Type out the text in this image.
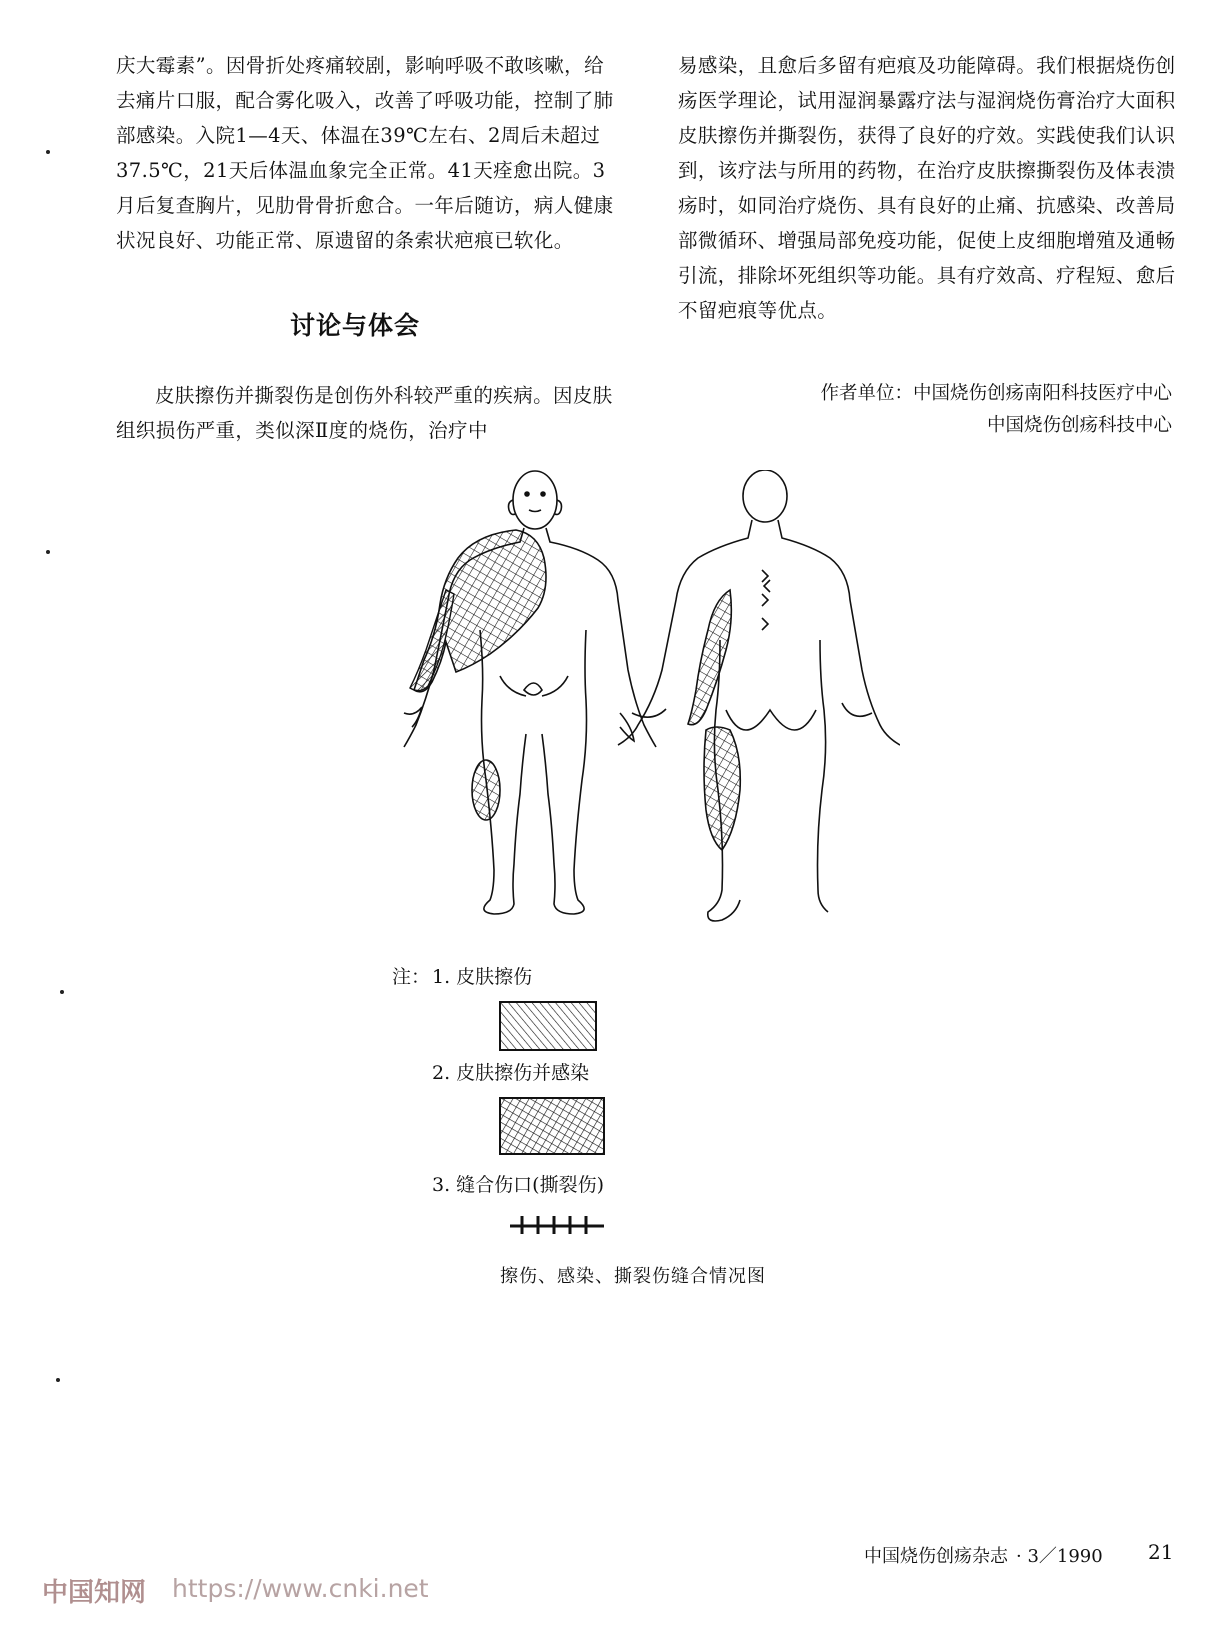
庆大霉素”。因骨折处疼痛较剧，影响呼吸不敢咳嗽，给去痛片口服，配合雾化吸入，改善了呼吸功能，控制了肺部感染。入院1—4天、体温在39℃左右、2周后未超过37.5℃，21天后体温血象完全正常。41天痊愈出院。3月后复查胸片，见肋骨骨折愈合。一年后随访，病人健康状况良好、功能正常、原遗留的条索状疤痕已软化。

讨论与体会

皮肤擦伤并撕裂伤是创伤外科较严重的疾病。因皮肤组织损伤严重，类似深Ⅱ度的烧伤，治疗中

易感染，且愈后多留有疤痕及功能障碍。我们根据烧伤创疡医学理论，试用湿润暴露疗法与湿润烧伤膏治疗大面积皮肤擦伤并撕裂伤，获得了良好的疗效。实践使我们认识到，该疗法与所用的药物，在治疗皮肤擦撕裂伤及体表溃疡时，如同治疗烧伤、具有良好的止痛、抗感染、改善局部微循环、增强局部免疫功能，促使上皮细胞增殖及通畅引流，排除坏死组织等功能。具有疗效高、疗程短、愈后不留疤痕等优点。

作者单位：中国烧伤创疡南阳科技医疗中心
中国烧伤创疡科技中心
注： 1. 皮肤擦伤
2. 皮肤擦伤并感染
3. 缝合伤口(撕裂伤)
擦伤、感染、撕裂伤缝合情况图
中国烧伤创疡杂志 · 3／1990 21
中国知网 https://www.cnki.net
